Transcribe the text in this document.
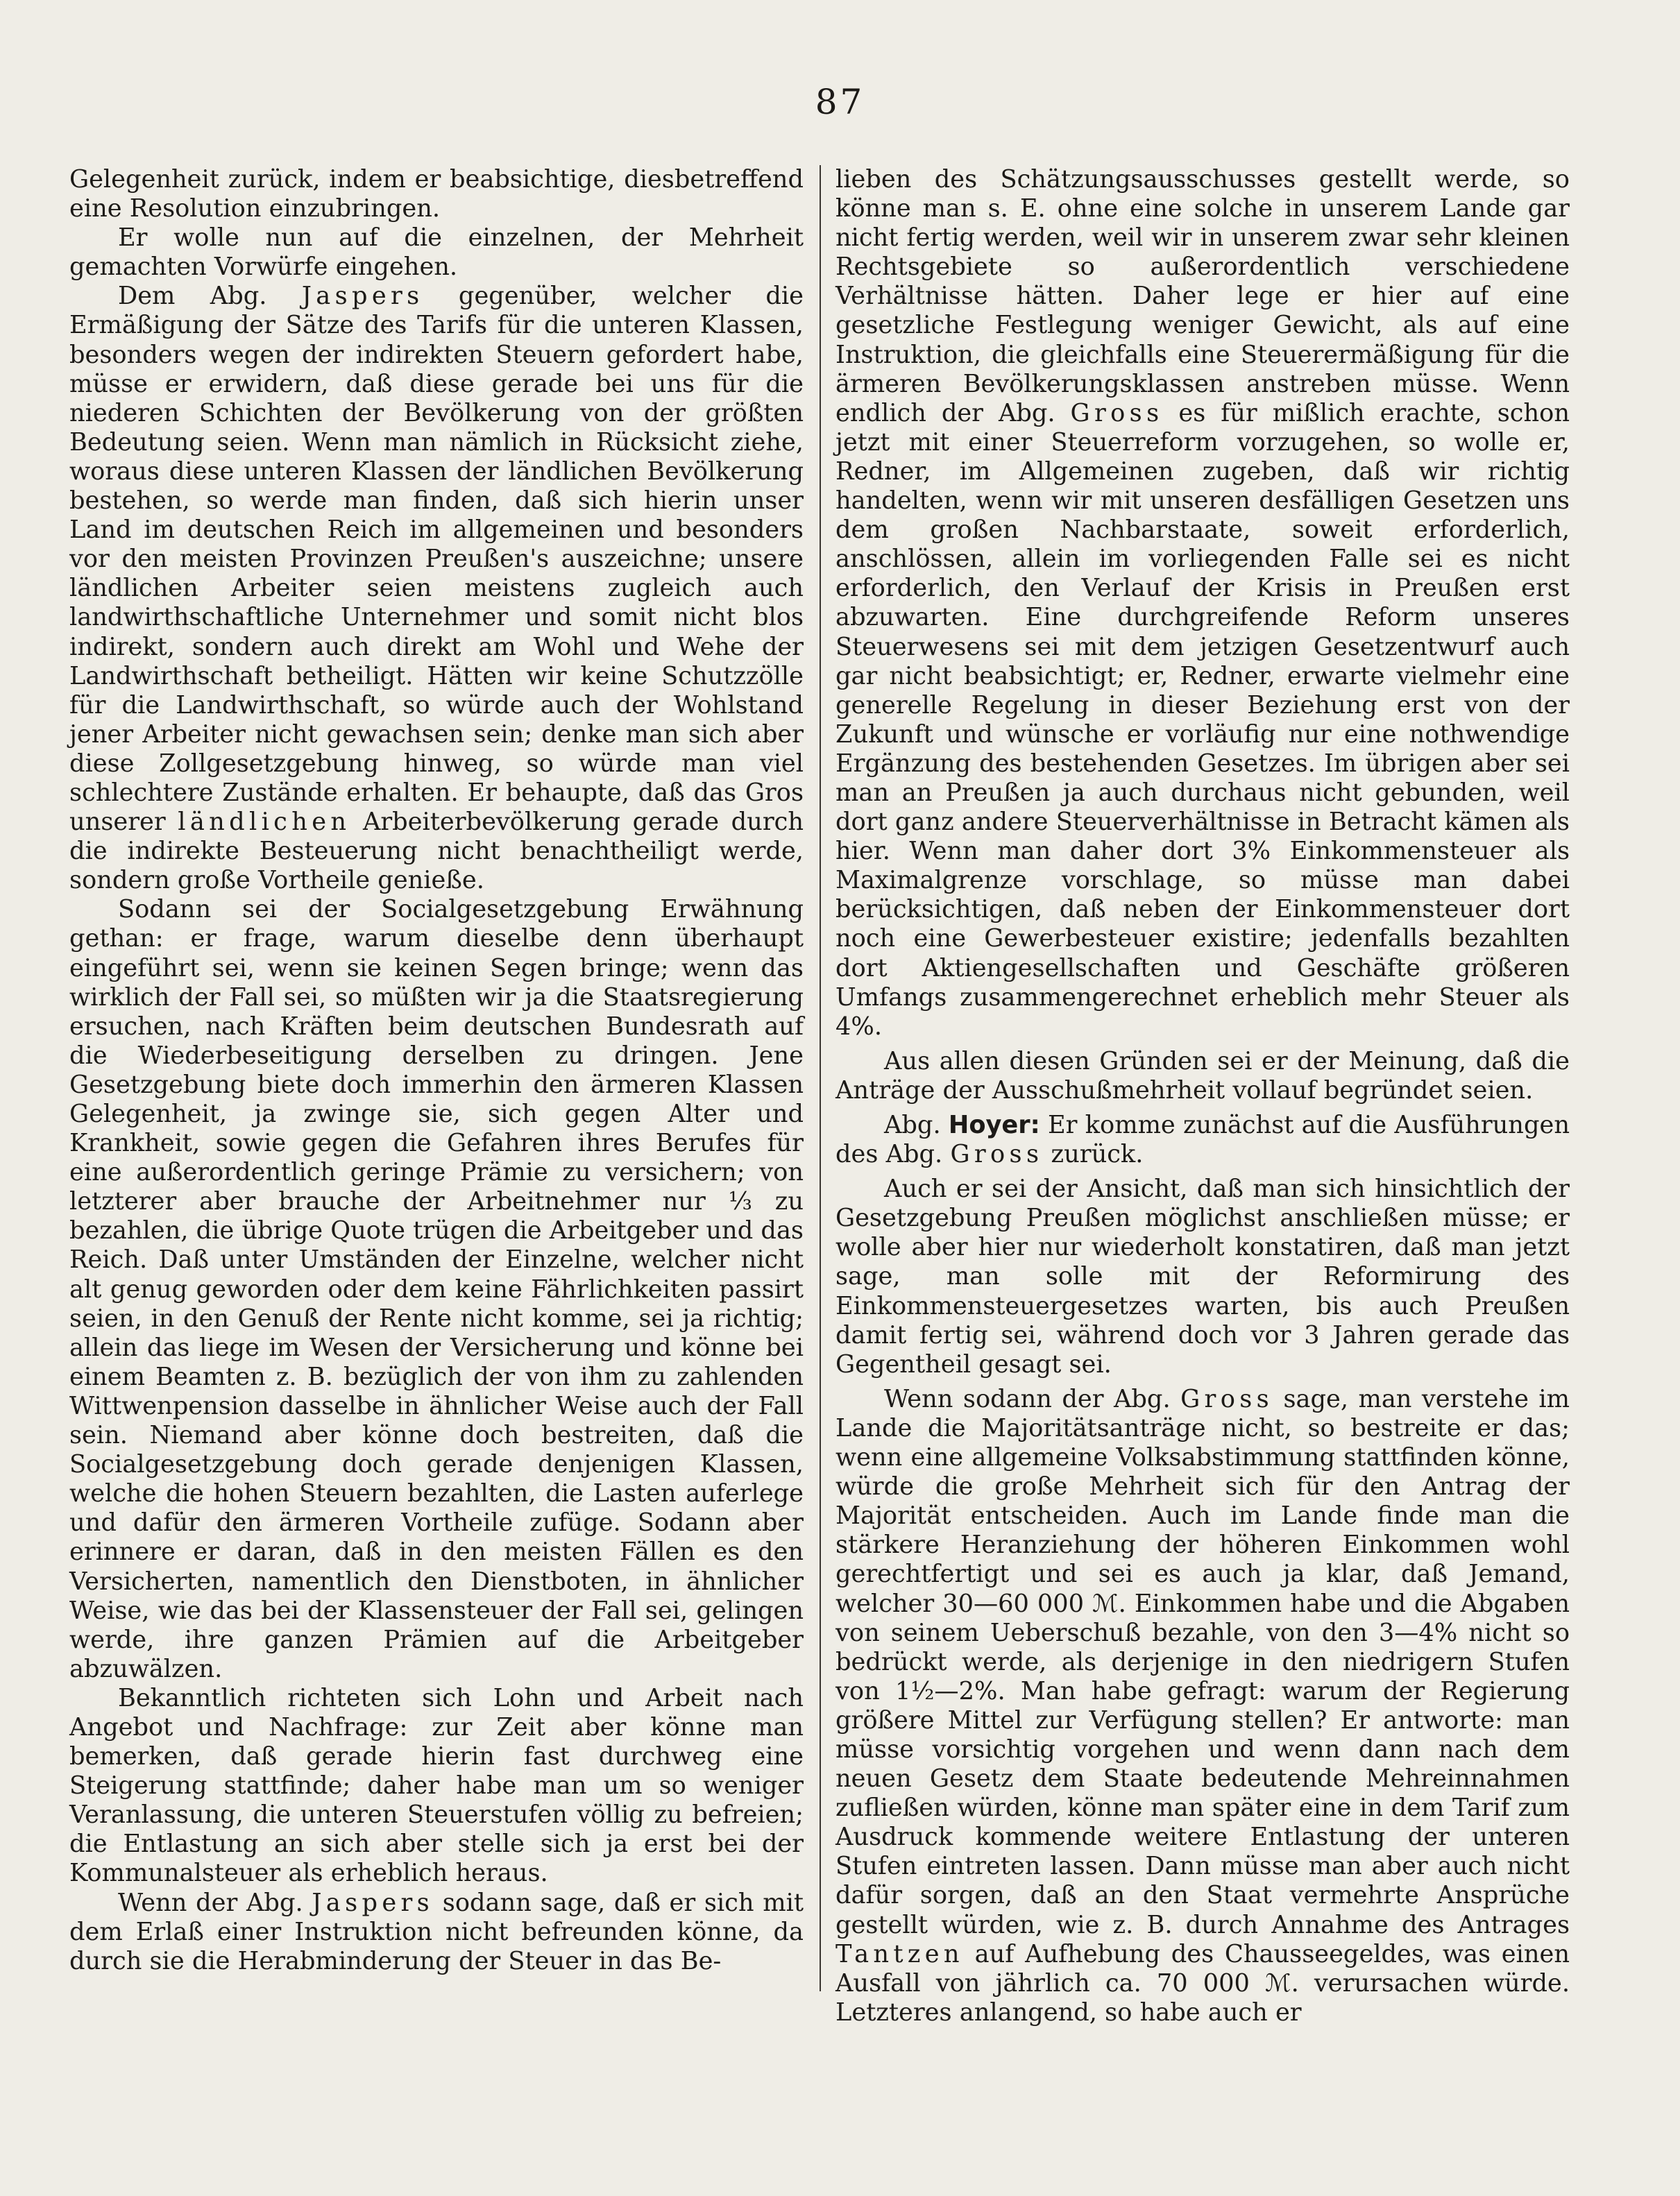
87

Gelegenheit zurück, indem er beabsichtige, diesbetreffend eine Resolution einzubringen.

Er wolle nun auf die einzelnen, der Mehrheit gemachten Vorwürfe eingehen.

Dem Abg. Jaspers gegenüber, welcher die Ermäßigung der Sätze des Tarifs für die unteren Klassen, besonders wegen der indirekten Steuern gefordert habe, müsse er erwidern, daß diese gerade bei uns für die niederen Schichten der Bevölkerung von der größten Bedeutung seien. Wenn man nämlich in Rücksicht ziehe, woraus diese unteren Klassen der ländlichen Bevölkerung bestehen, so werde man finden, daß sich hierin unser Land im deutschen Reich im allgemeinen und besonders vor den meisten Provinzen Preußen's auszeichne; unsere ländlichen Arbeiter seien meistens zugleich auch landwirthschaftliche Unternehmer und somit nicht blos indirekt, sondern auch direkt am Wohl und Wehe der Landwirthschaft betheiligt. Hätten wir keine Schutzzölle für die Landwirthschaft, so würde auch der Wohlstand jener Arbeiter nicht gewachsen sein; denke man sich aber diese Zollgesetzgebung hinweg, so würde man viel schlechtere Zustände erhalten. Er behaupte, daß das Gros unserer ländlichen Arbeiterbevölkerung gerade durch die indirekte Besteuerung nicht benachtheiligt werde, sondern große Vortheile genieße.

Sodann sei der Socialgesetzgebung Erwähnung gethan: er frage, warum dieselbe denn überhaupt eingeführt sei, wenn sie keinen Segen bringe; wenn das wirklich der Fall sei, so müßten wir ja die Staatsregierung ersuchen, nach Kräften beim deutschen Bundesrath auf die Wiederbeseitigung derselben zu dringen. Jene Gesetzgebung biete doch immerhin den ärmeren Klassen Gelegenheit, ja zwinge sie, sich gegen Alter und Krankheit, sowie gegen die Gefahren ihres Berufes für eine außerordentlich geringe Prämie zu versichern; von letzterer aber brauche der Arbeitnehmer nur ⅓ zu bezahlen, die übrige Quote trügen die Arbeitgeber und das Reich. Daß unter Umständen der Einzelne, welcher nicht alt genug geworden oder dem keine Fährlichkeiten passirt seien, in den Genuß der Rente nicht komme, sei ja richtig; allein das liege im Wesen der Versicherung und könne bei einem Beamten z. B. bezüglich der von ihm zu zahlenden Wittwenpension dasselbe in ähnlicher Weise auch der Fall sein. Niemand aber könne doch bestreiten, daß die Socialgesetzgebung doch gerade denjenigen Klassen, welche die hohen Steuern bezahlten, die Lasten auferlege und dafür den ärmeren Vortheile zufüge. Sodann aber erinnere er daran, daß in den meisten Fällen es den Versicherten, namentlich den Dienstboten, in ähnlicher Weise, wie das bei der Klassensteuer der Fall sei, gelingen werde, ihre ganzen Prämien auf die Arbeitgeber abzuwälzen.

Bekanntlich richteten sich Lohn und Arbeit nach Angebot und Nachfrage: zur Zeit aber könne man bemerken, daß gerade hierin fast durchweg eine Steigerung stattfinde; daher habe man um so weniger Veranlassung, die unteren Steuerstufen völlig zu befreien; die Entlastung an sich aber stelle sich ja erst bei der Kommunalsteuer als erheblich heraus.

Wenn der Abg. Jaspers sodann sage, daß er sich mit dem Erlaß einer Instruktion nicht befreunden könne, da durch sie die Herabminderung der Steuer in das Be-

lieben des Schätzungsausschusses gestellt werde, so könne man s. E. ohne eine solche in unserem Lande gar nicht fertig werden, weil wir in unserem zwar sehr kleinen Rechtsgebiete so außerordentlich verschiedene Verhältnisse hätten. Daher lege er hier auf eine gesetzliche Festlegung weniger Gewicht, als auf eine Instruktion, die gleichfalls eine Steuerermäßigung für die ärmeren Bevölkerungsklassen anstreben müsse. Wenn endlich der Abg. Gross es für mißlich erachte, schon jetzt mit einer Steuerreform vorzugehen, so wolle er, Redner, im Allgemeinen zugeben, daß wir richtig handelten, wenn wir mit unseren desfälligen Gesetzen uns dem großen Nachbarstaate, soweit erforderlich, anschlössen, allein im vorliegenden Falle sei es nicht erforderlich, den Verlauf der Krisis in Preußen erst abzuwarten. Eine durchgreifende Reform unseres Steuerwesens sei mit dem jetzigen Gesetzentwurf auch gar nicht beabsichtigt; er, Redner, erwarte vielmehr eine generelle Regelung in dieser Beziehung erst von der Zukunft und wünsche er vorläufig nur eine nothwendige Ergänzung des bestehenden Gesetzes. Im übrigen aber sei man an Preußen ja auch durchaus nicht gebunden, weil dort ganz andere Steuerverhältnisse in Betracht kämen als hier. Wenn man daher dort 3% Einkommensteuer als Maximalgrenze vorschlage, so müsse man dabei berücksichtigen, daß neben der Einkommensteuer dort noch eine Gewerbesteuer existire; jedenfalls bezahlten dort Aktiengesellschaften und Geschäfte größeren Umfangs zusammengerechnet erheblich mehr Steuer als 4%.

Aus allen diesen Gründen sei er der Meinung, daß die Anträge der Ausschußmehrheit vollauf begründet seien.

Abg. Hoyer: Er komme zunächst auf die Ausführungen des Abg. Gross zurück.

Auch er sei der Ansicht, daß man sich hinsichtlich der Gesetzgebung Preußen möglichst anschließen müsse; er wolle aber hier nur wiederholt konstatiren, daß man jetzt sage, man solle mit der Reformirung des Einkommensteuergesetzes warten, bis auch Preußen damit fertig sei, während doch vor 3 Jahren gerade das Gegentheil gesagt sei.

Wenn sodann der Abg. Gross sage, man verstehe im Lande die Majoritätsanträge nicht, so bestreite er das; wenn eine allgemeine Volksabstimmung stattfinden könne, würde die große Mehrheit sich für den Antrag der Majorität entscheiden. Auch im Lande finde man die stärkere Heranziehung der höheren Einkommen wohl gerechtfertigt und sei es auch ja klar, daß Jemand, welcher 30—60 000 ℳ. Einkommen habe und die Abgaben von seinem Ueberschuß bezahle, von den 3—4% nicht so bedrückt werde, als derjenige in den niedrigern Stufen von 1½—2%. Man habe gefragt: warum der Regierung größere Mittel zur Verfügung stellen? Er antworte: man müsse vorsichtig vorgehen und wenn dann nach dem neuen Gesetz dem Staate bedeutende Mehreinnahmen zufließen würden, könne man später eine in dem Tarif zum Ausdruck kommende weitere Entlastung der unteren Stufen eintreten lassen. Dann müsse man aber auch nicht dafür sorgen, daß an den Staat vermehrte Ansprüche gestellt würden, wie z. B. durch Annahme des Antrages Tantzen auf Aufhebung des Chausseegeldes, was einen Ausfall von jährlich ca. 70 000 ℳ. verursachen würde. Letzteres anlangend, so habe auch er
